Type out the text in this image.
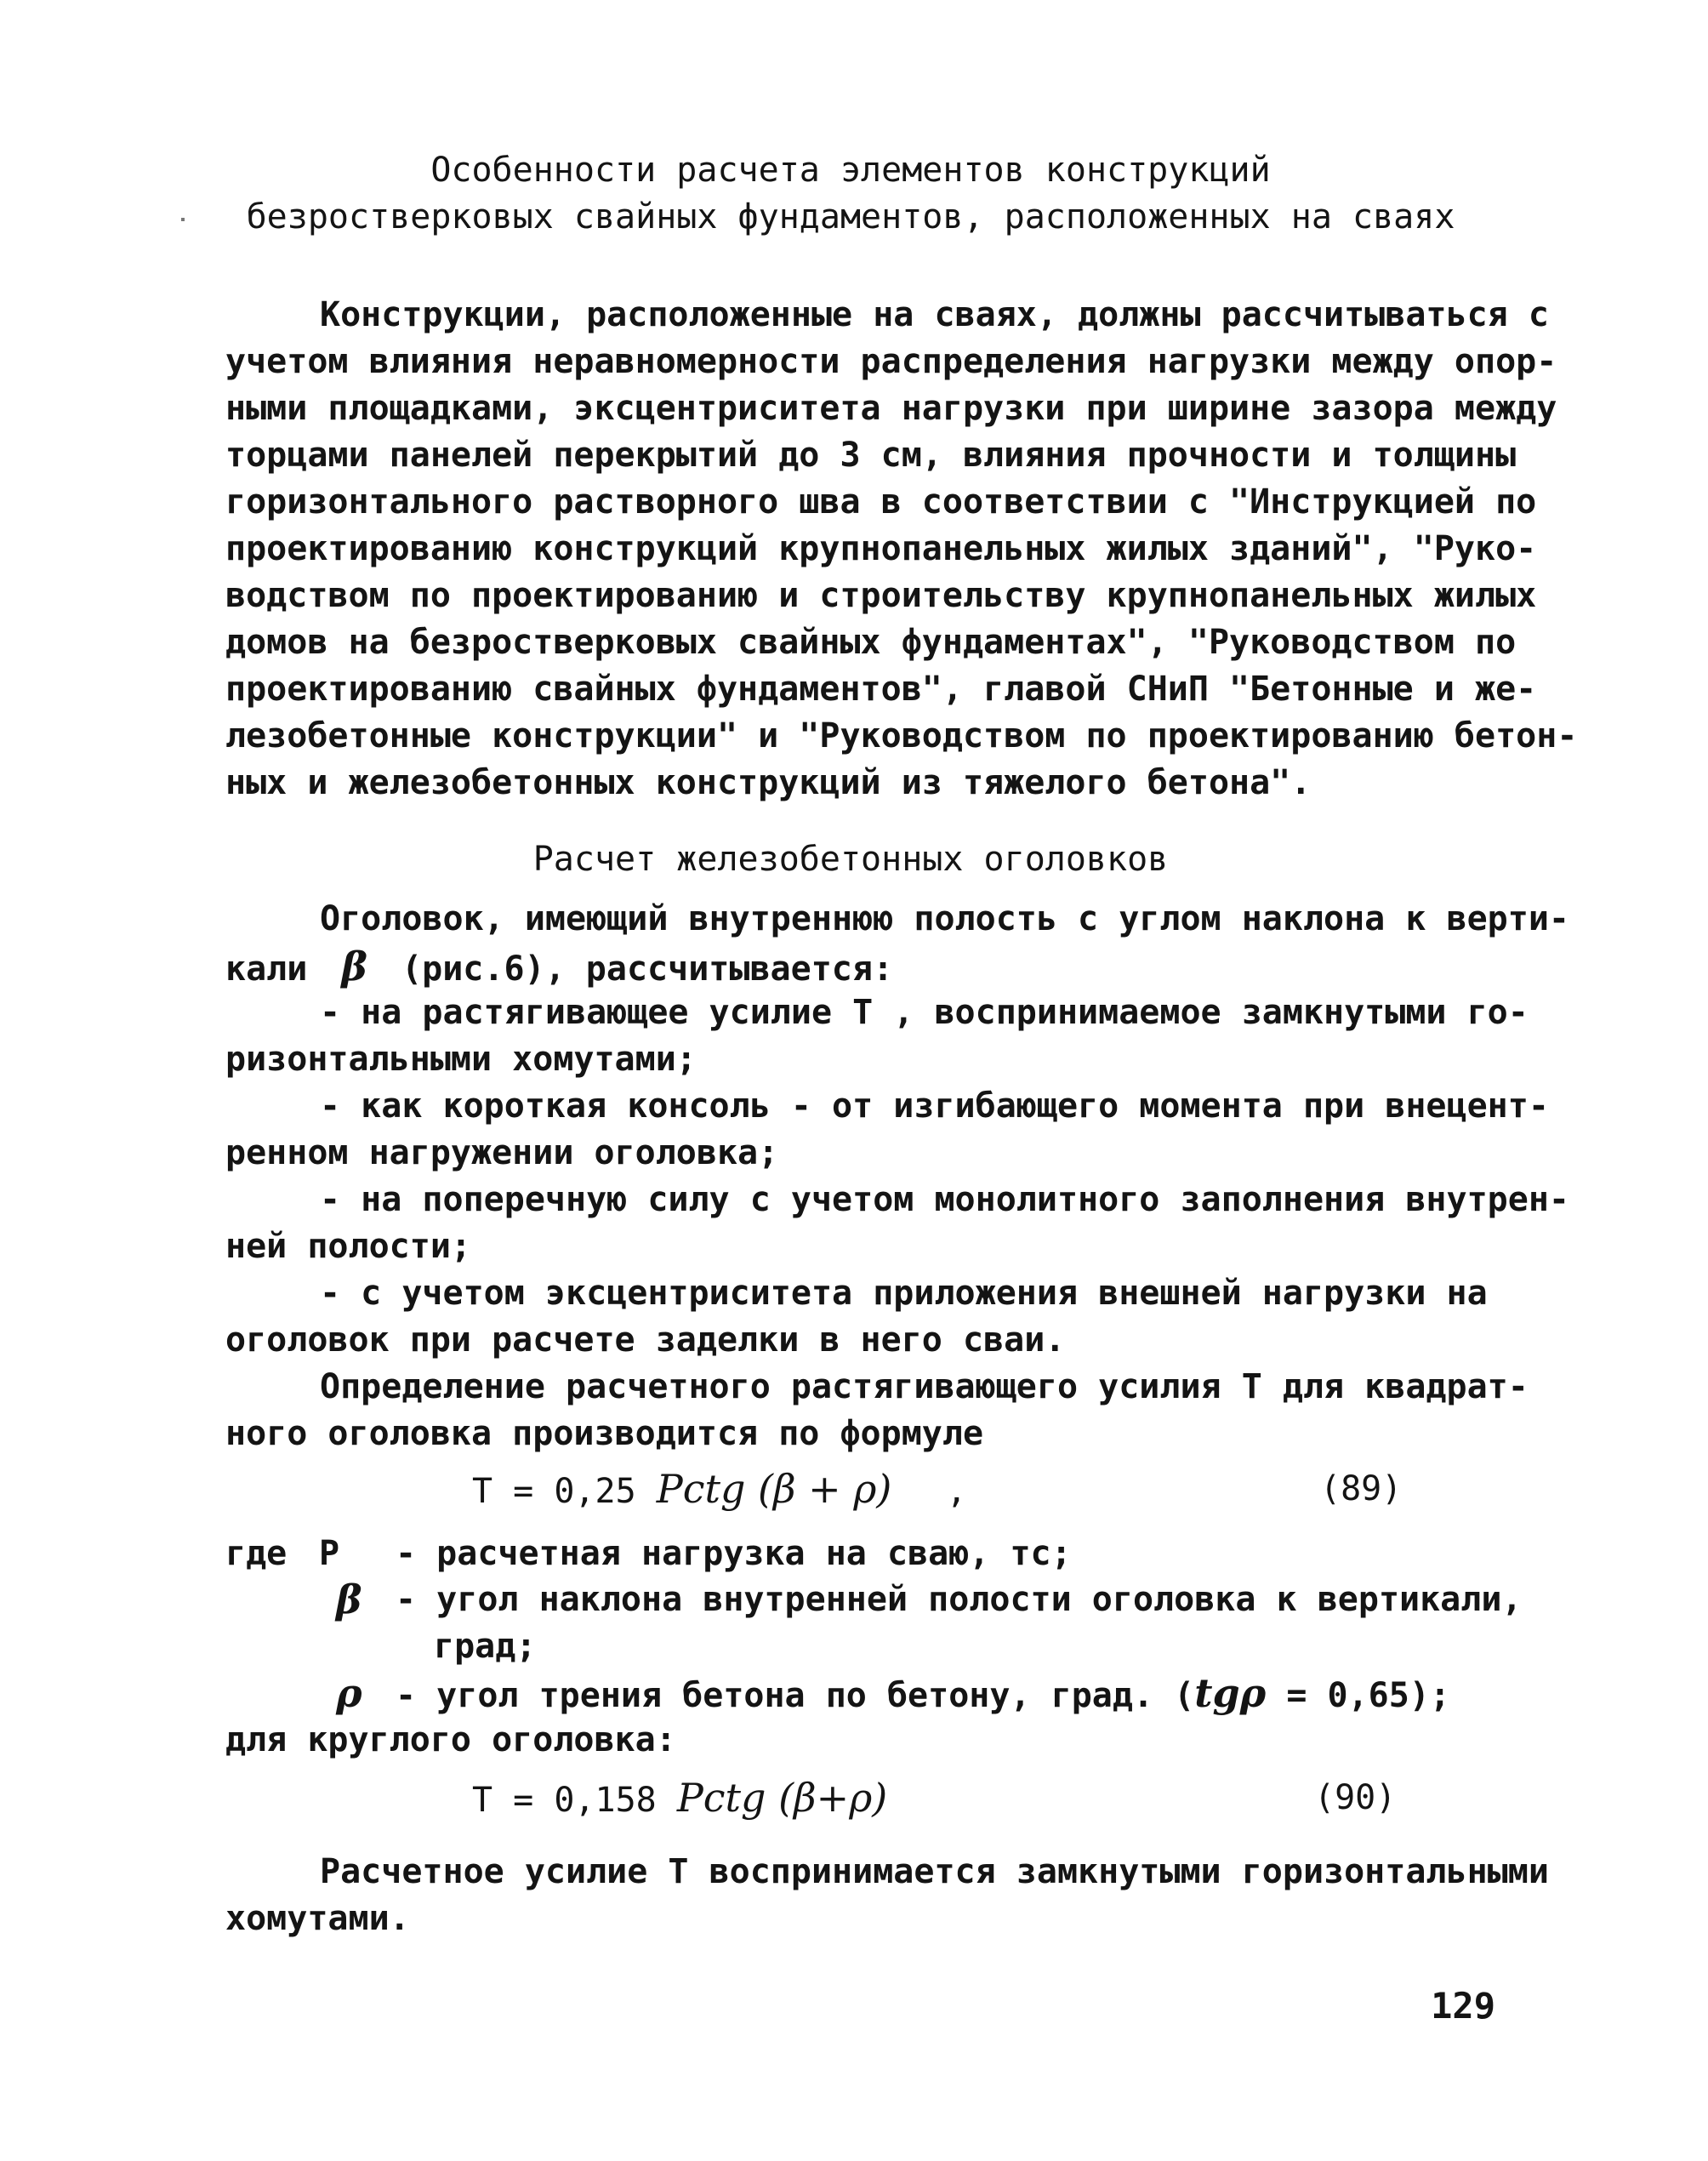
Особенности расчета элементов конструкций
безростверковых свайных фундаментов, расположенных на сваях
Конструкции, расположенные на сваях, должны рассчитываться с
учетом влияния неравномерности распределения нагрузки между опор-
ными площадками, эксцентриситета нагрузки при ширине зазора между
торцами панелей перекрытий до 3 см, влияния прочности и толщины
горизонтального растворного шва в соответствии с "Инструкцией по
проектированию конструкций крупнопанельных жилых зданий", "Руко-
водством по проектированию и строительству крупнопанельных жилых
домов на безростверковых свайных фундаментах", "Руководством по
проектированию свайных фундаментов", главой СНиП "Бетонные и же-
лезобетонные конструкции" и "Руководством по проектированию бетон-
ных и железобетонных конструкций из тяжелого бетона".
Расчет железобетонных оголовков
Оголовок, имеющий внутреннюю полость с углом наклона к верти-
кали β (рис.6), рассчитывается:
- на растягивающее усилие Т , воспринимаемое замкнутыми го-
ризонтальными хомутами;
- как короткая консоль - от изгибающего момента при внецент-
ренном нагружении оголовка;
- на поперечную силу с учетом монолитного заполнения внутрен-
ней полости;
- с учетом эксцентриситета приложения внешней нагрузки на
оголовок при расчете заделки в него сваи.
Определение расчетного растягивающего усилия Т для квадрат-
ного оголовка производится по формуле
Т = 0,25 Pctg (β + ρ) ,	(89)
где Р - расчетная нагрузка на сваю, тс;
β - угол наклона внутренней полости оголовка к вертикали,
град;
ρ - угол трения бетона по бетону, град. (tgρ = 0,65);
для круглого оголовка:
Т = 0,158 Pctg (β+ρ)	(90)
Расчетное усилие Т воспринимается замкнутыми горизонтальными
хомутами.
129
